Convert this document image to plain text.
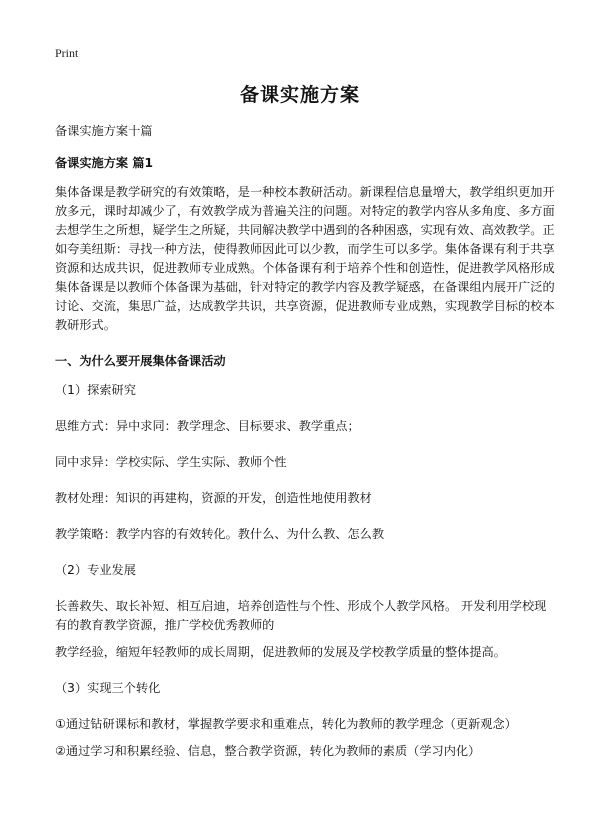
Print
备课实施方案

备课实施方案十篇

备课实施方案 篇1

集体备课是教学研究的有效策略，是一种校本教研活动。新课程信息量增大，教学组织更加开放多元，课时却减少了，有效教学成为普遍关注的问题。对特定的教学内容从多角度、多方面去想学生之所想，疑学生之所疑，共同解决教学中遇到的各种困惑，实现有效、高效教学。正如夸美纽斯：寻找一种方法，使得教师因此可以少教，而学生可以多学。集体备课有利于共享资源和达成共识，促进教师专业成熟。个体备课有利于培养个性和创造性，促进教学风格形成 集体备课是以教师个体备课为基础，针对特定的教学内容及教学疑惑，在备课组内展开广泛的讨论、交流，集思广益，达成教学共识，共享资源，促进教师专业成熟，实现教学目标的校本教研形式。

一、为什么要开展集体备课活动

（1）探索研究

思维方式：异中求同：教学理念、目标要求、教学重点；

同中求异：学校实际、学生实际、教师个性

教材处理：知识的再建构，资源的开发，创造性地使用教材

教学策略：教学内容的有效转化。教什么、为什么教、怎么教

（2）专业发展

长善救失、取长补短、相互启迪，培养创造性与个性、形成个人教学风格。 开发利用学校现有的教育教学资源，推广学校优秀教师的

教学经验，缩短年轻教师的成长周期，促进教师的发展及学校教学质量的整体提高。

（3）实现三个转化

①通过钻研课标和教材，掌握教学要求和重难点，转化为教师的教学理念（更新观念）

②通过学习和积累经验、信息，整合教学资源，转化为教师的素质（学习内化）
